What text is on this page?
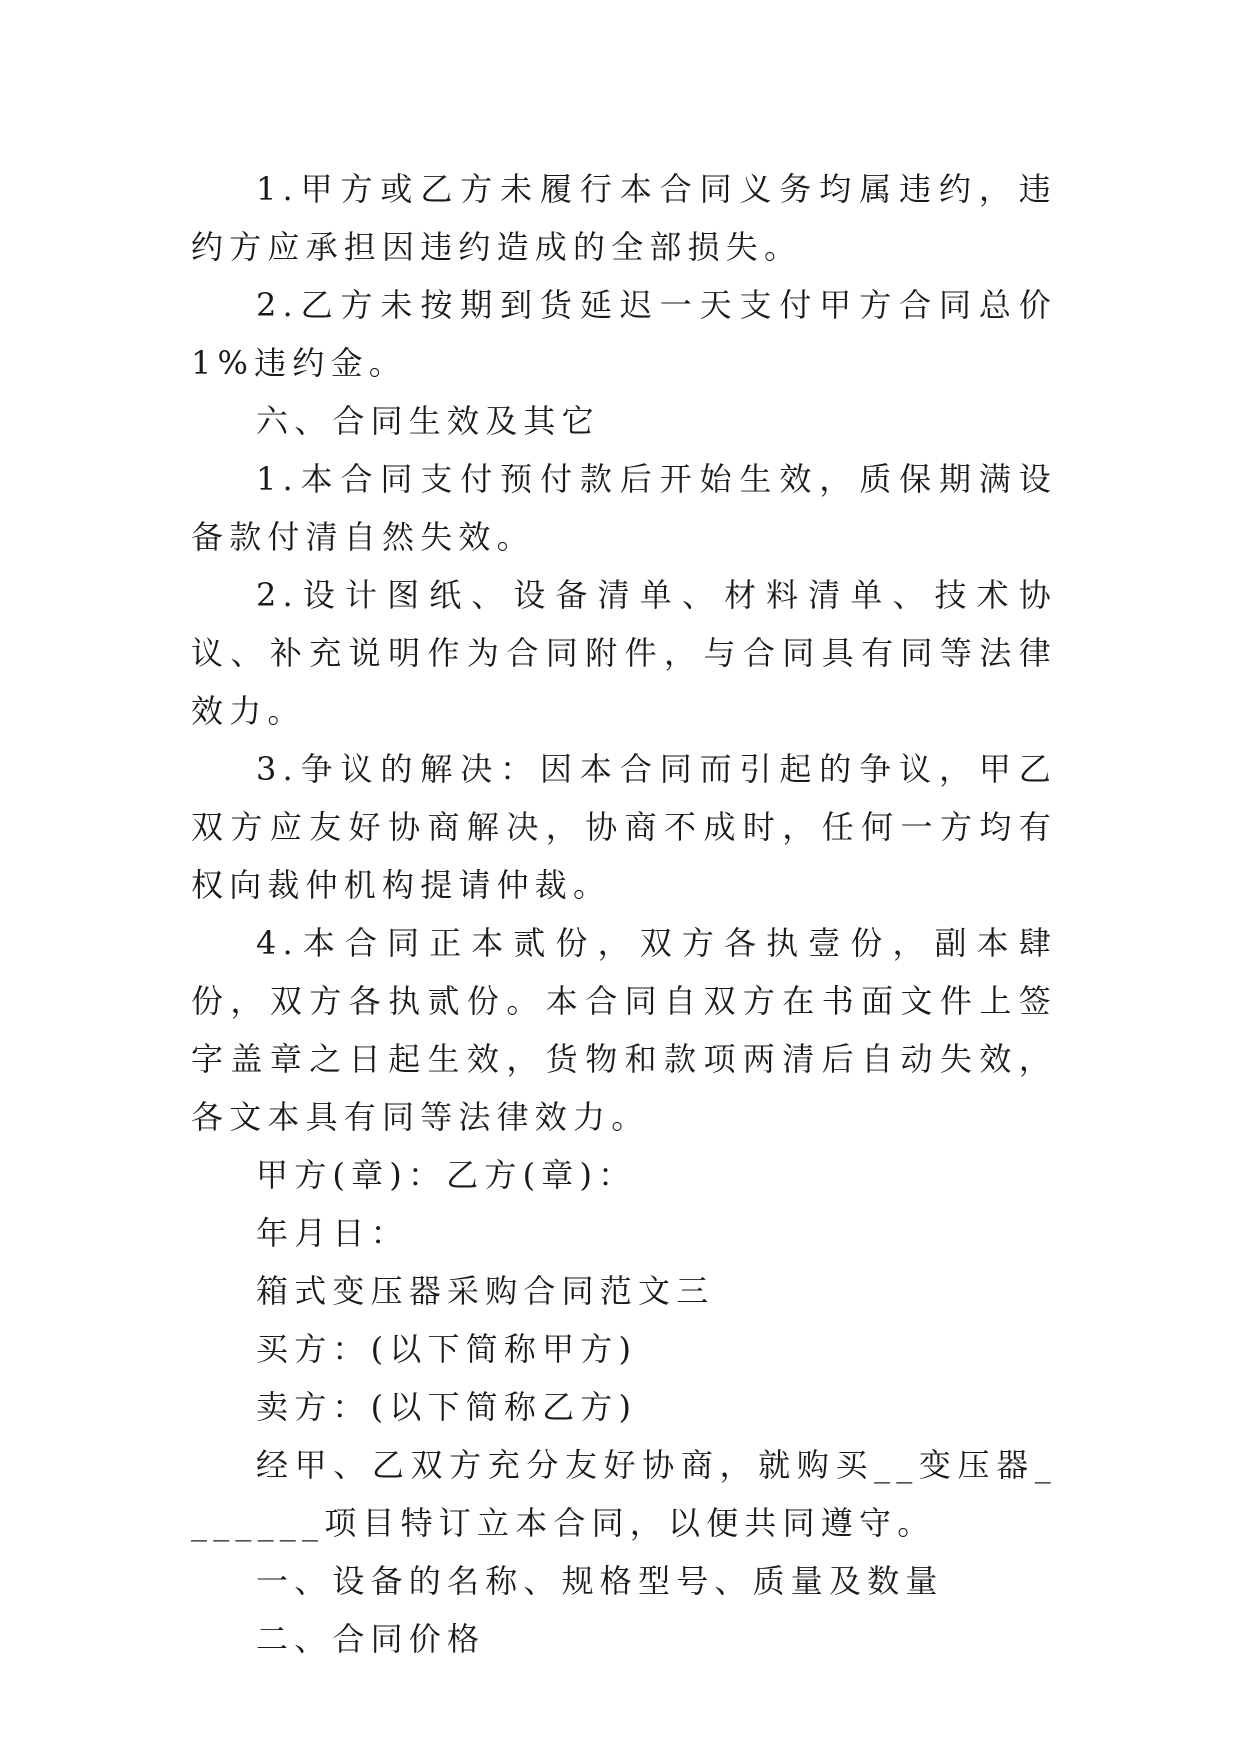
1.甲方或乙方未履行本合同义务均属违约，违约方应承担因违约造成的全部损失。

2.乙方未按期到货延迟一天支付甲方合同总价 1%违约金。

六、合同生效及其它

1.本合同支付预付款后开始生效，质保期满设备款付清自然失效。

2.设计图纸、设备清单、材料清单、技术协议、补充说明作为合同附件，与合同具有同等法律效力。

3.争议的解决：因本合同而引起的争议，甲乙双方应友好协商解决，协商不成时，任何一方均有权向裁仲机构提请仲裁。

4.本合同正本贰份，双方各执壹份，副本肆份，双方各执贰份。本合同自双方在书面文件上签字盖章之日起生效，货物和款项两清后自动失效，各文本具有同等法律效力。

甲方(章)：乙方(章)：

年月日：

箱式变压器采购合同范文三

买方：(以下简称甲方)

卖方：(以下简称乙方)

经甲、乙双方充分友好协商，就购买__变压器_______项目特订立本合同，以便共同遵守。

一、设备的名称、规格型号、质量及数量

二、合同价格
